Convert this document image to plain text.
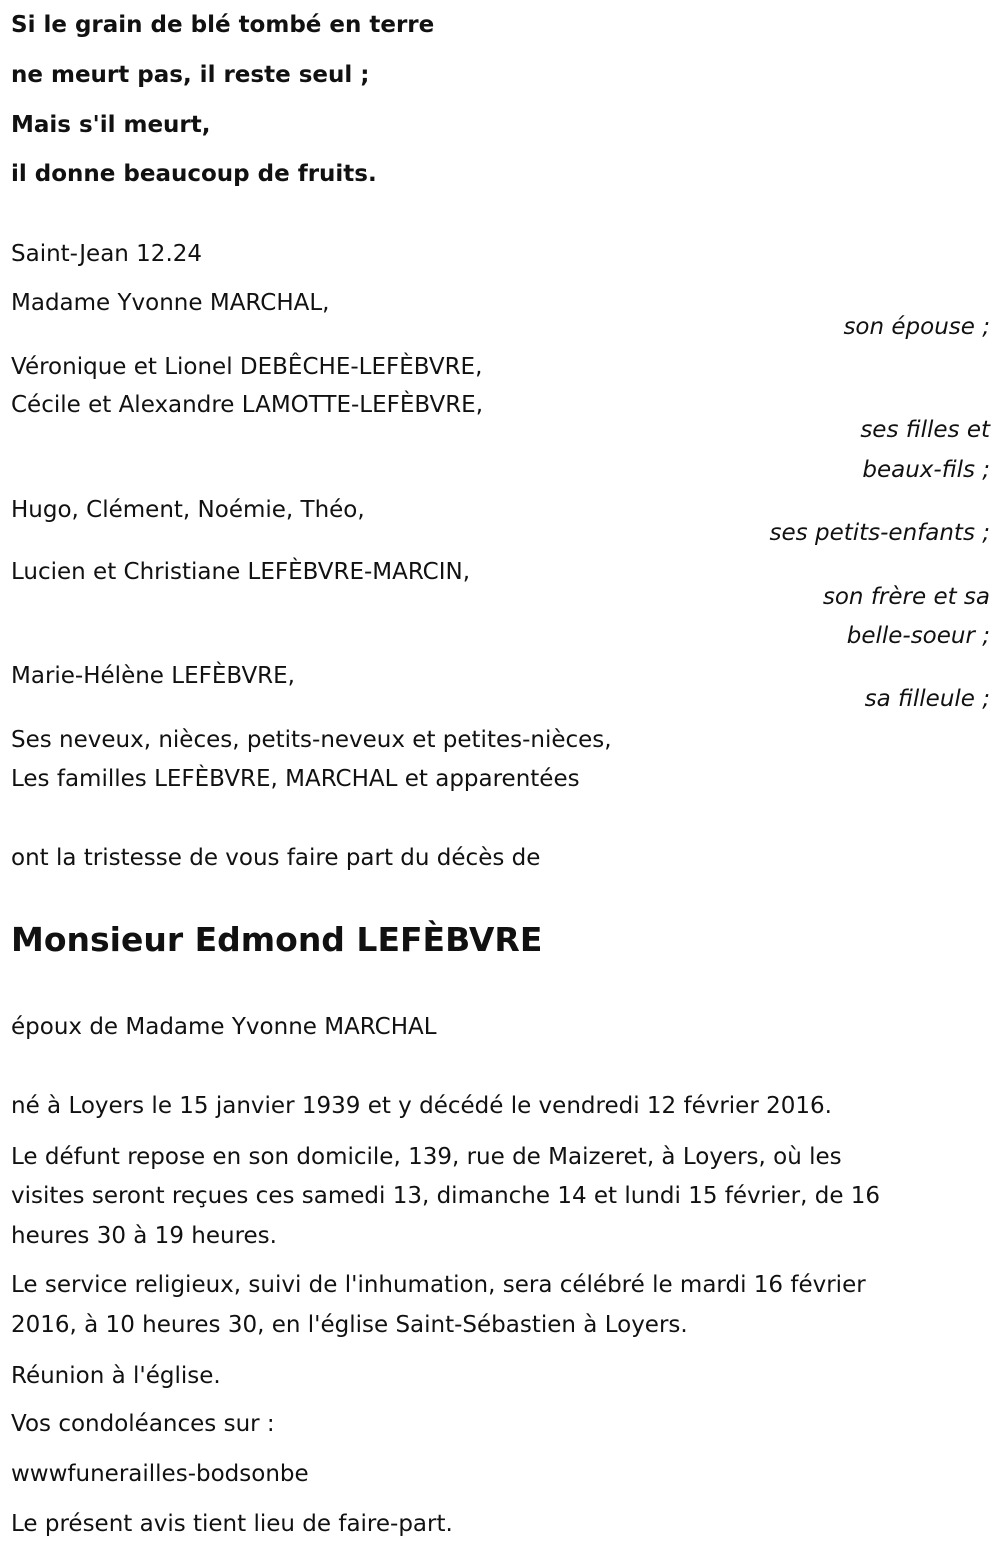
Si le grain de blé tombé en terre
ne meurt pas, il reste seul ;
Mais s'il meurt,
il donne beaucoup de fruits.
Saint-Jean 12.24
Madame Yvonne MARCHAL,
son épouse ;
Véronique et Lionel DEBÊCHE-LEFÈBVRE,
Cécile et Alexandre LAMOTTE-LEFÈBVRE,
ses filles et
beaux-fils ;
Hugo, Clément, Noémie, Théo,
ses petits-enfants ;
Lucien et Christiane LEFÈBVRE-MARCIN,
son frère et sa
belle-soeur ;
Marie-Hélène LEFÈBVRE,
sa filleule ;
Ses neveux, nièces, petits-neveux et petites-nièces,
Les familles LEFÈBVRE, MARCHAL et apparentées
ont la tristesse de vous faire part du décès de
Monsieur Edmond LEFÈBVRE
époux de Madame Yvonne MARCHAL
né à Loyers le 15 janvier 1939 et y décédé le vendredi 12 février 2016.
Le défunt repose en son domicile, 139, rue de Maizeret, à Loyers, où les
visites seront reçues ces samedi 13, dimanche 14 et lundi 15 février, de 16
heures 30 à 19 heures.
Le service religieux, suivi de l'inhumation, sera célébré le mardi 16 février
2016, à 10 heures 30, en l'église Saint-Sébastien à Loyers.
Réunion à l'église.
Vos condoléances sur :
wwwfunerailles-bodsonbe
Le présent avis tient lieu de faire-part.
